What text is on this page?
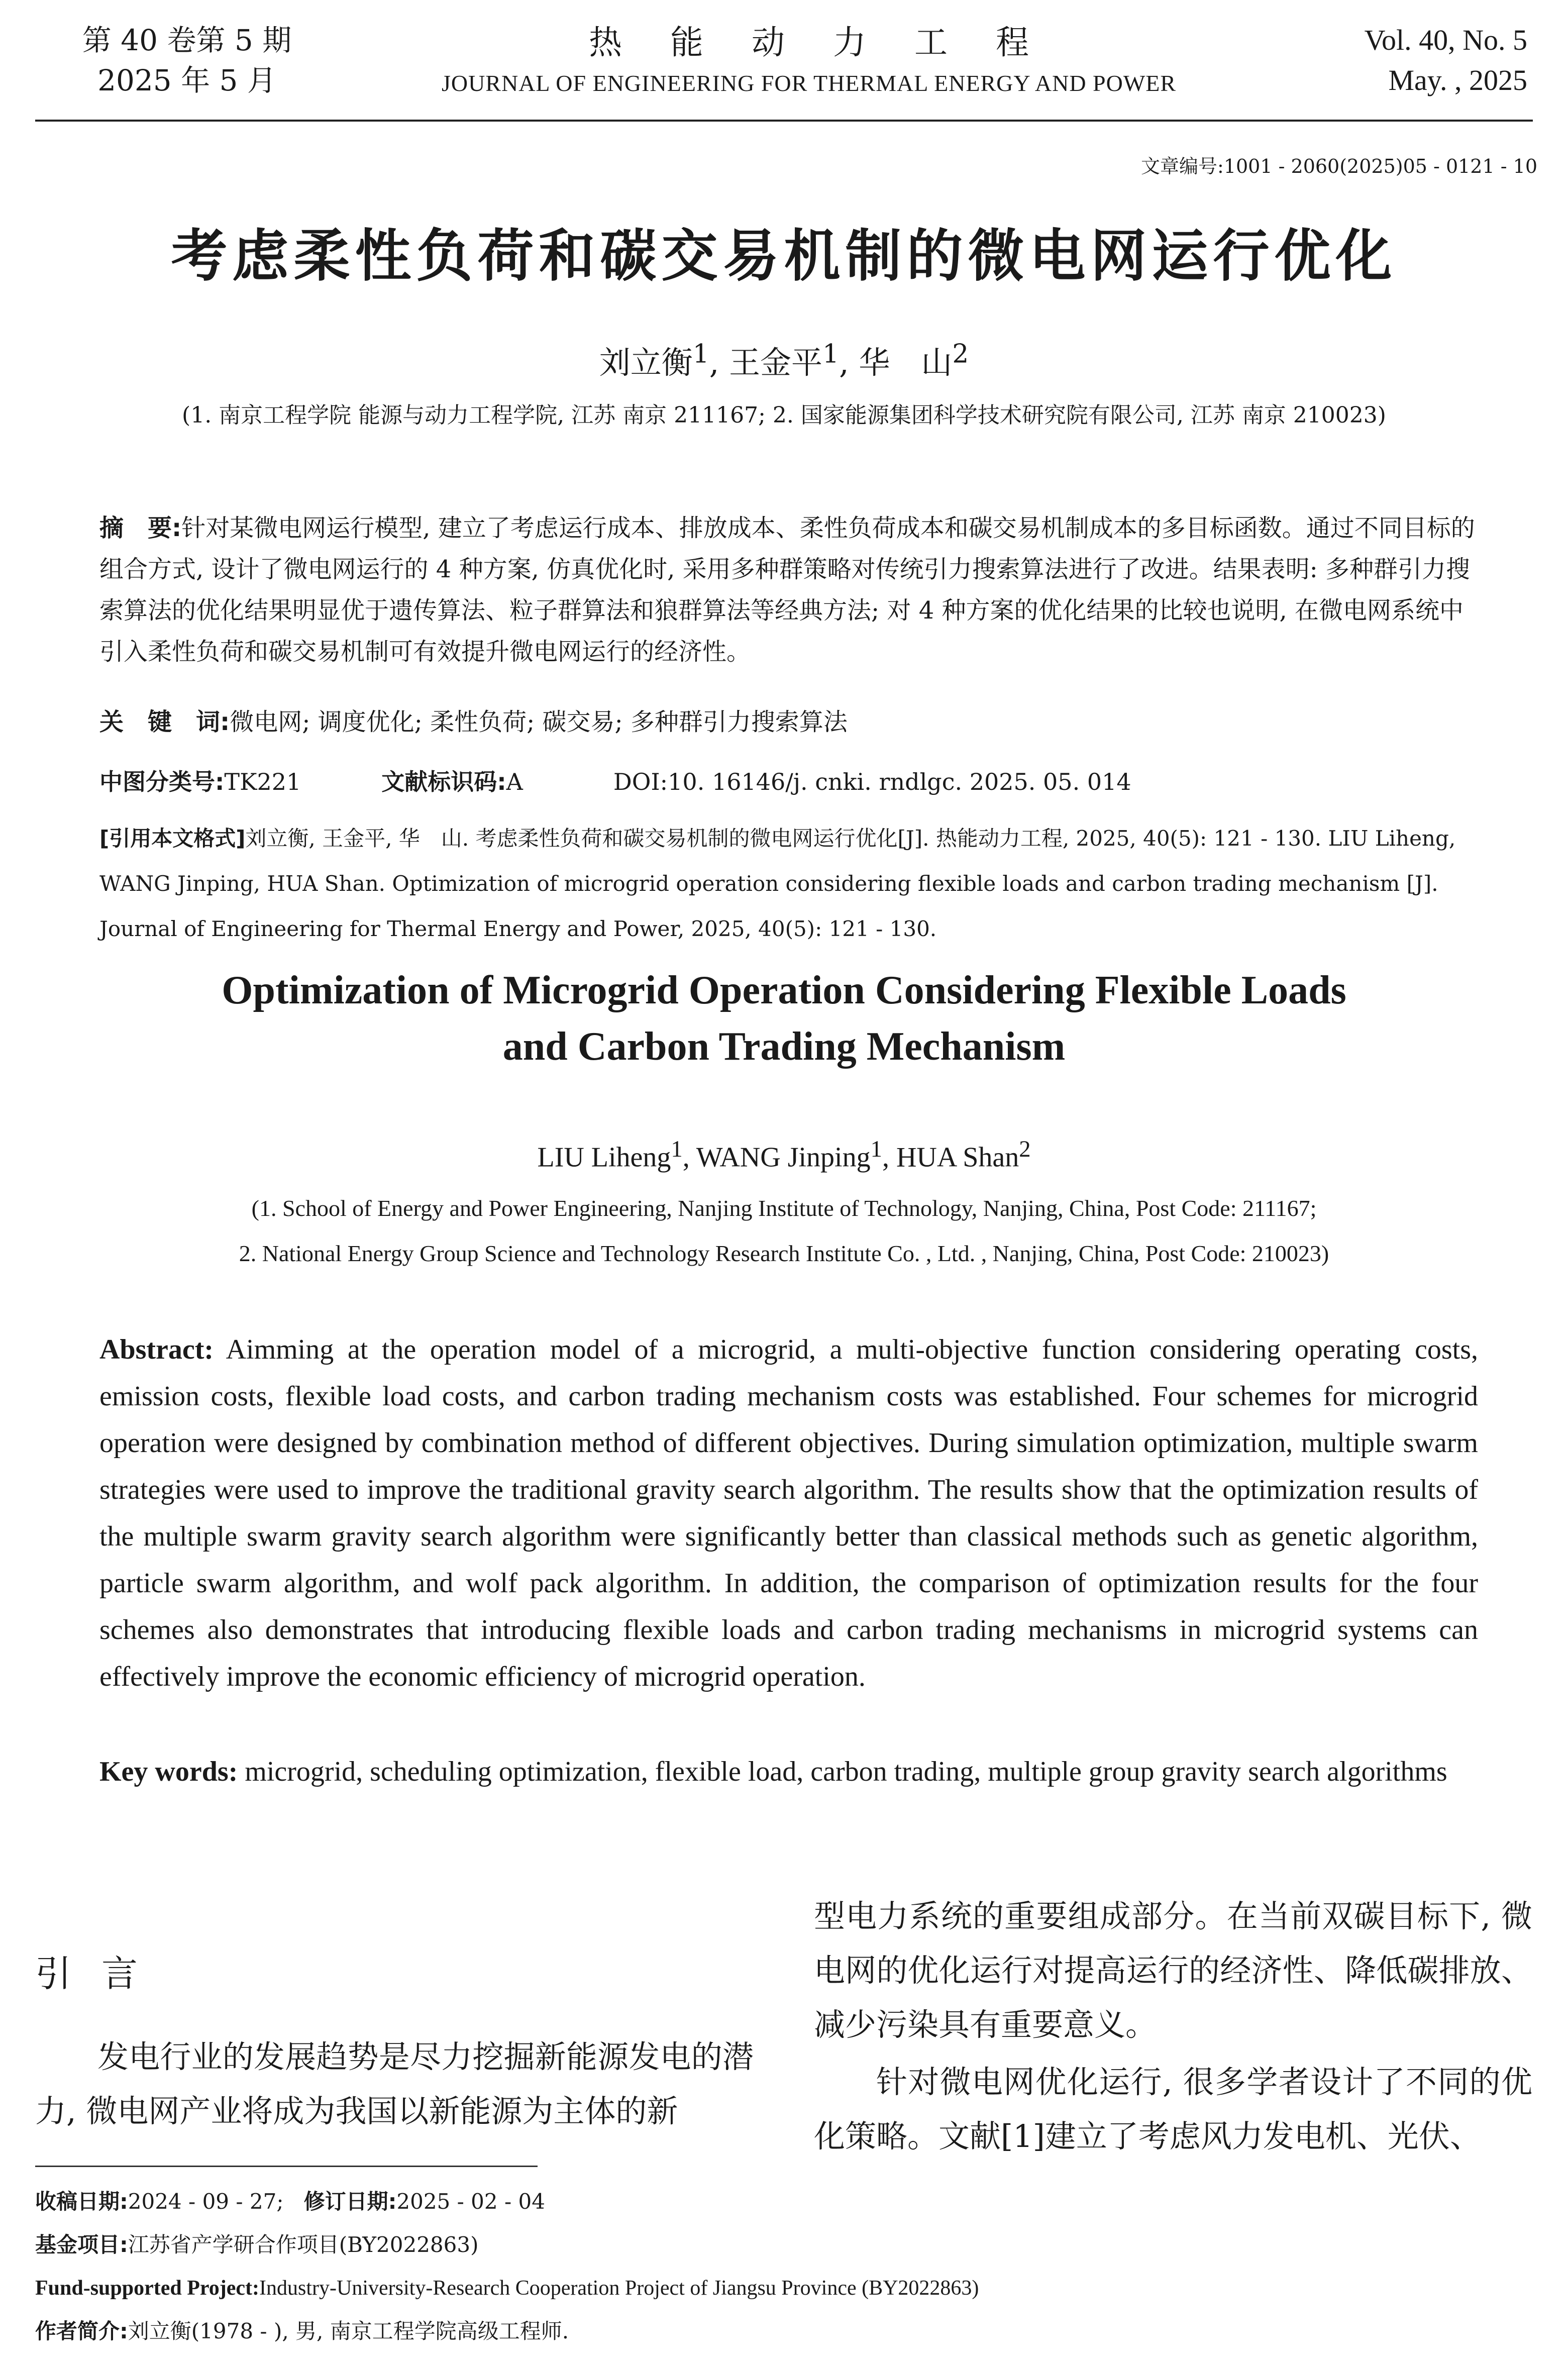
第 40 卷第 5 期
2025 年 5 月
热能动力工程
JOURNAL OF ENGINEERING FOR THERMAL ENERGY AND POWER
Vol. 40, No. 5
May. , 2025
文章编号:1001 - 2060(2025)05 - 0121 - 10
考虑柔性负荷和碳交易机制的微电网运行优化
刘立衡$^1$, 王金平$^1$, 华　山$^2$
(1. 南京工程学院 能源与动力工程学院, 江苏 南京 211167; 2. 国家能源集团科学技术研究院有限公司, 江苏 南京 210023)
摘　要:针对某微电网运行模型, 建立了考虑运行成本、排放成本、柔性负荷成本和碳交易机制成本的多目标函数。通过不同目标的组合方式, 设计了微电网运行的 4 种方案, 仿真优化时, 采用多种群策略对传统引力搜索算法进行了改进。结果表明: 多种群引力搜索算法的优化结果明显优于遗传算法、粒子群算法和狼群算法等经典方法; 对 4 种方案的优化结果的比较也说明, 在微电网系统中引入柔性负荷和碳交易机制可有效提升微电网运行的经济性。
关　键　词:微电网; 调度优化; 柔性负荷; 碳交易; 多种群引力搜索算法
中图分类号:TK221	文献标识码:A	DOI:10. 16146/j. cnki. rndlgc. 2025. 05. 014
[引用本文格式]刘立衡, 王金平, 华　山. 考虑柔性负荷和碳交易机制的微电网运行优化[J]. 热能动力工程, 2025, 40(5): 121 - 130. LIU Liheng, WANG Jinping, HUA Shan. Optimization of microgrid operation considering flexible loads and carbon trading mechanism [J]. Journal of Engineering for Thermal Energy and Power, 2025, 40(5): 121 - 130.
Optimization of Microgrid Operation Considering Flexible Loads
and Carbon Trading Mechanism
LIU Liheng$^1$, WANG Jinping$^1$, HUA Shan$^2$
(1. School of Energy and Power Engineering, Nanjing Institute of Technology, Nanjing, China, Post Code: 211167;
2. National Energy Group Science and Technology Research Institute Co. , Ltd. , Nanjing, China, Post Code: 210023)
Abstract: Aimming at the operation model of a microgrid, a multi-objective function considering operating costs, emission costs, flexible load costs, and carbon trading mechanism costs was established. Four schemes for microgrid operation were designed by combination method of different objectives. During simulation optimization, multiple swarm strategies were used to improve the traditional gravity search algorithm. The results show that the optimization results of the multiple swarm gravity search algorithm were significantly better than classical methods such as genetic algorithm, particle swarm algorithm, and wolf pack algorithm. In addition, the comparison of optimization results for the four schemes also demonstrates that introducing flexible loads and carbon trading mechanisms in microgrid systems can effectively improve the economic efficiency of microgrid operation.
Key words: microgrid, scheduling optimization, flexible load, carbon trading, multiple group gravity search algorithms
引言
发电行业的发展趋势是尽力挖掘新能源发电的潜力, 微电网产业将成为我国以新能源为主体的新
型电力系统的重要组成部分。在当前双碳目标下, 微电网的优化运行对提高运行的经济性、降低碳排放、减少污染具有重要意义。
针对微电网优化运行, 很多学者设计了不同的优化策略。文献[1]建立了考虑风力发电机、光伏、
收稿日期:2024 - 09 - 27; 修订日期:2025 - 02 - 04
基金项目:江苏省产学研合作项目(BY2022863)
Fund-supported Project:Industry-University-Research Cooperation Project of Jiangsu Province (BY2022863)
作者简介:刘立衡(1978 - ), 男, 南京工程学院高级工程师.
